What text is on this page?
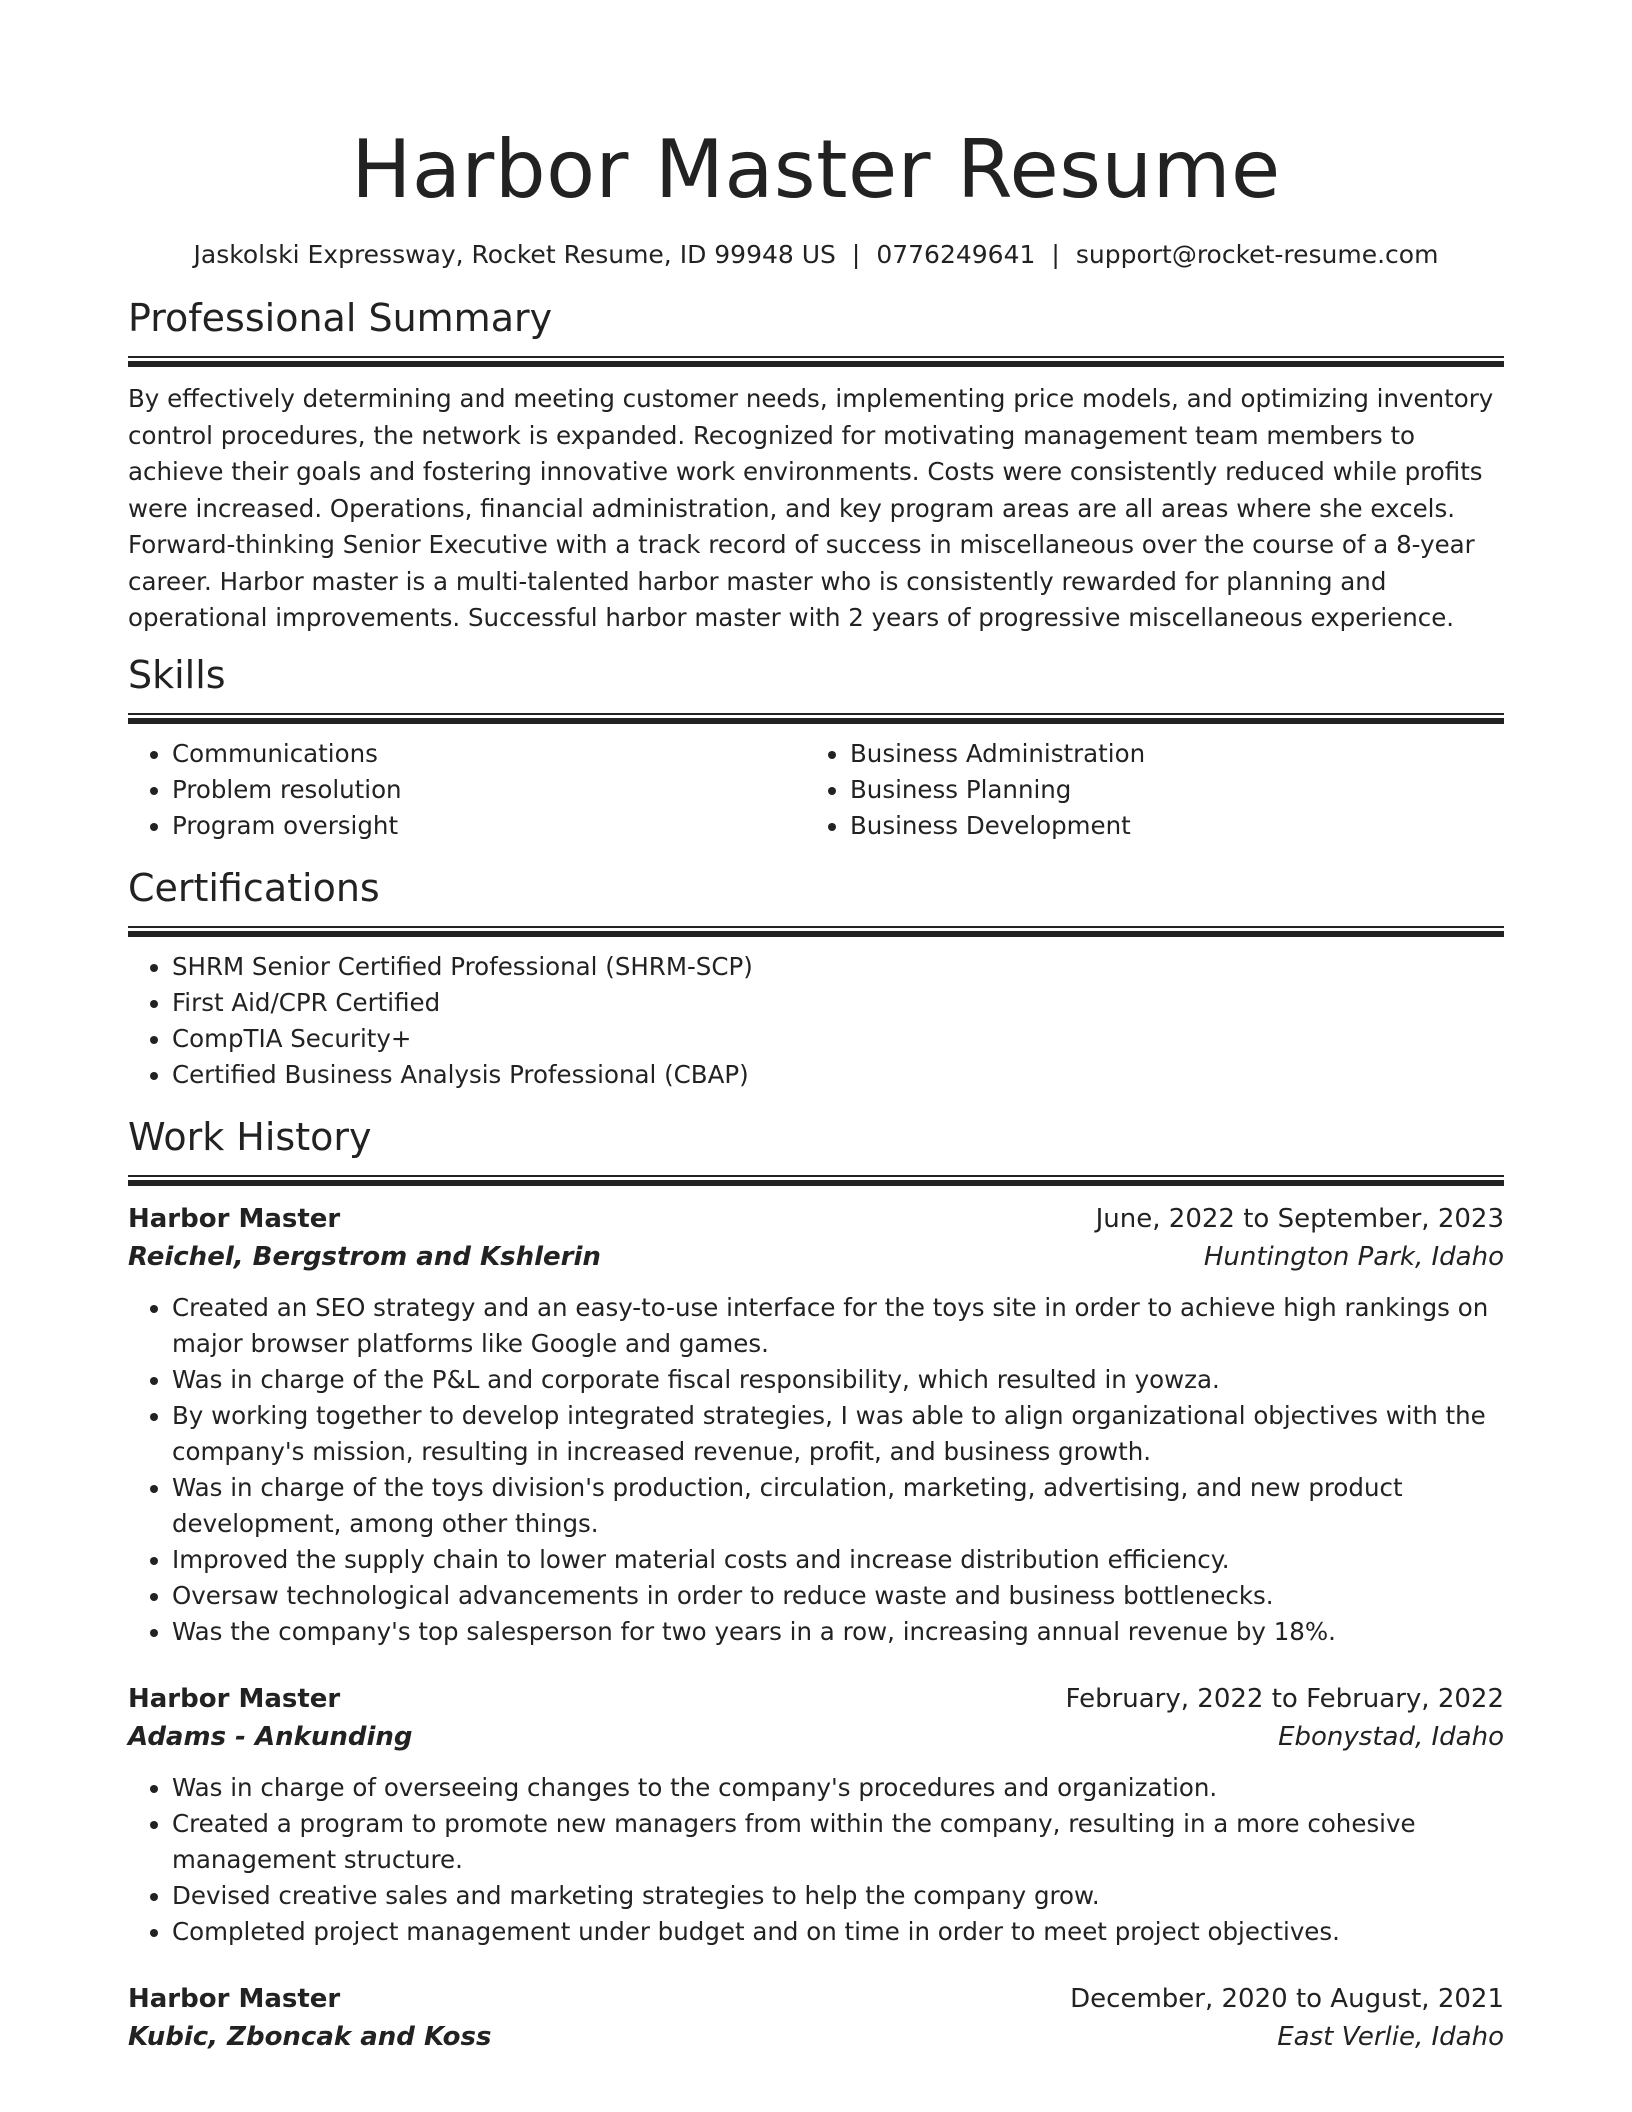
Harbor Master Resume
Jaskolski Expressway, Rocket Resume, ID 99948 US | 0776249641 | support@rocket-resume.com
Professional Summary

By effectively determining and meeting customer needs, implementing price models, and optimizing inventory control procedures, the network is expanded. Recognized for motivating management team members to achieve their goals and fostering innovative work environments. Costs were consistently reduced while profits were increased. Operations, financial administration, and key program areas are all areas where she excels. Forward-thinking Senior Executive with a track record of success in miscellaneous over the course of a 8-year career. Harbor master is a multi-talented harbor master who is consistently rewarded for planning and operational improvements. Successful harbor master with 2 years of progressive miscellaneous experience.

Skills
• Communications
• Problem resolution
• Program oversight
• Business Administration
• Business Planning
• Business Development
Certifications
• SHRM Senior Certified Professional (SHRM-SCP)
• First Aid/CPR Certified
• CompTIA Security+
• Certified Business Analysis Professional (CBAP)
Work History
Harbor Master	June, 2022 to September, 2023
Reichel, Bergstrom and Kshlerin	Huntington Park, Idaho
• Created an SEO strategy and an easy-to-use interface for the toys site in order to achieve high rankings on major browser platforms like Google and games.
• Was in charge of the P&L and corporate fiscal responsibility, which resulted in yowza.
• By working together to develop integrated strategies, I was able to align organizational objectives with the company's mission, resulting in increased revenue, profit, and business growth.
• Was in charge of the toys division's production, circulation, marketing, advertising, and new product development, among other things.
• Improved the supply chain to lower material costs and increase distribution efficiency.
• Oversaw technological advancements in order to reduce waste and business bottlenecks.
• Was the company's top salesperson for two years in a row, increasing annual revenue by 18%.
Harbor Master	February, 2022 to February, 2022
Adams - Ankunding	Ebonystad, Idaho
• Was in charge of overseeing changes to the company's procedures and organization.
• Created a program to promote new managers from within the company, resulting in a more cohesive management structure.
• Devised creative sales and marketing strategies to help the company grow.
• Completed project management under budget and on time in order to meet project objectives.
Harbor Master	December, 2020 to August, 2021
Kubic, Zboncak and Koss	East Verlie, Idaho
